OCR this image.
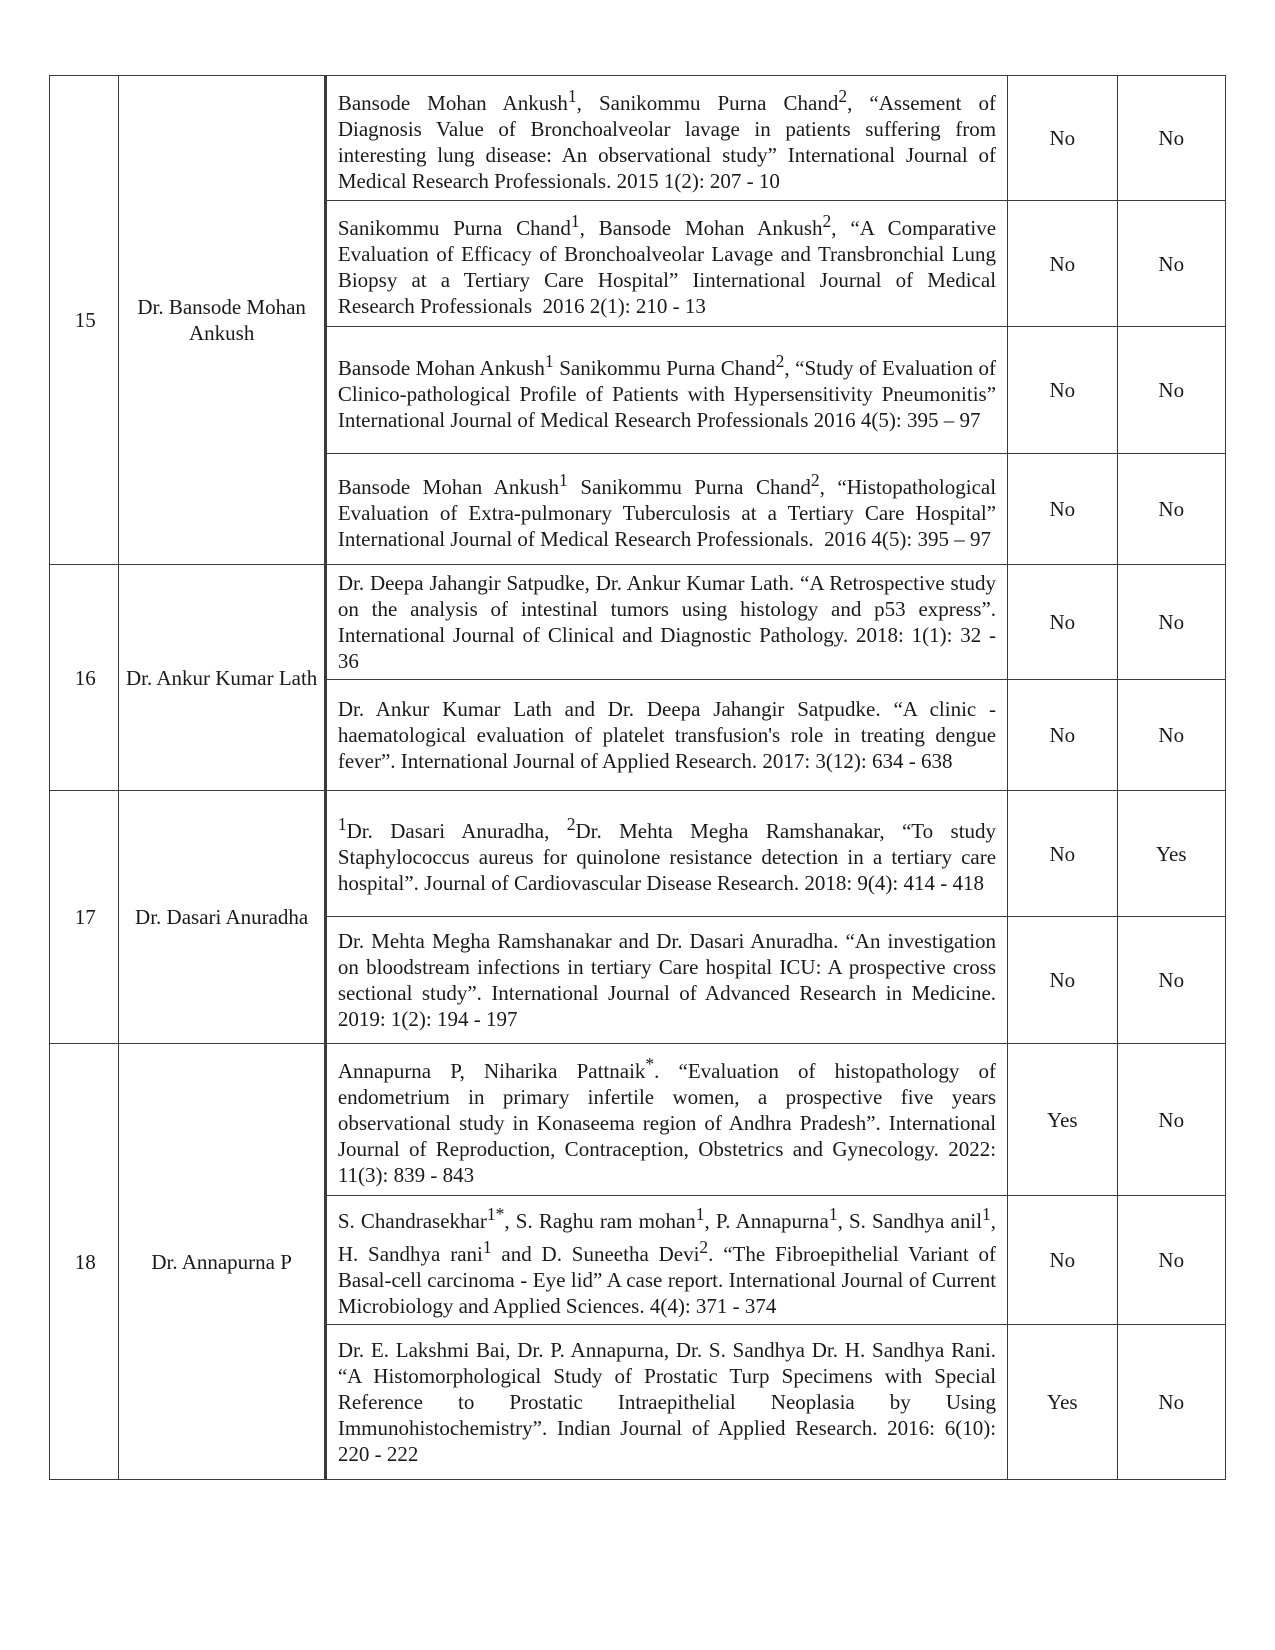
15	Dr. Bansode Mohan Ankush	Bansode Mohan Ankush$^1$, Sanikommu Purna Chand$^2$, “Assement of Diagnosis Value of Bronchoalveolar lavage in patients suffering from interesting lung disease: An observational study” International Journal of Medical Research Professionals. 2015 1(2): 207 - 10	No	No

		Sanikommu Purna Chand$^1$, Bansode Mohan Ankush$^2$, “A Comparative Evaluation of Efficacy of Bronchoalveolar Lavage and Transbronchial Lung Biopsy at a Tertiary Care Hospital” Iinternational Journal of Medical Research Professionals  2016 2(1): 210 - 13	No	No

		Bansode Mohan Ankush$^1$ Sanikommu Purna Chand$^2$, “Study of Evaluation of Clinico-pathological Profile of Patients with Hypersensitivity Pneumonitis” International Journal of Medical Research Professionals 2016 4(5): 395 – 97	No	No

		Bansode Mohan Ankush$^1$ Sanikommu Purna Chand$^2$, “Histopathological Evaluation of Extra-pulmonary Tuberculosis at a Tertiary Care Hospital” International Journal of Medical Research Professionals.  2016 4(5): 395 – 97	No	No
16	Dr. Ankur Kumar Lath	Dr. Deepa Jahangir Satpudke, Dr. Ankur Kumar Lath. “A Retrospective study on the analysis of intestinal tumors using histology and p53 express”. International Journal of Clinical and Diagnostic Pathology. 2018: 1(1): 32 - 36	No	No

		Dr. Ankur Kumar Lath and Dr. Deepa Jahangir Satpudke. “A clinic - haematological evaluation of platelet transfusion's role in treating dengue fever”. International Journal of Applied Research. 2017: 3(12): 634 - 638	No	No
17	Dr. Dasari Anuradha	$^1$Dr. Dasari Anuradha, $^2$Dr. Mehta Megha Ramshanakar, “To study Staphylococcus aureus for quinolone resistance detection in a tertiary care hospital”. Journal of Cardiovascular Disease Research. 2018: 9(4): 414 - 418	No	Yes

		Dr. Mehta Megha Ramshanakar and Dr. Dasari Anuradha. “An investigation on bloodstream infections in tertiary Care hospital ICU: A prospective cross sectional study”. International Journal of Advanced Research in Medicine. 2019: 1(2): 194 - 197	No	No
18	Dr. Annapurna P	Annapurna P, Niharika Pattnaik*. “Evaluation of histopathology of endometrium in primary infertile women, a prospective five years observational study in Konaseema region of Andhra Pradesh”. International Journal of Reproduction, Contraception, Obstetrics and Gynecology. 2022: 11(3): 839 - 843	Yes	No

		S. Chandrasekhar$^{1*}$, S. Raghu ram mohan$^1$, P. Annapurna$^1$, S. Sandhya anil$^1$, H. Sandhya rani$^1$ and D. Suneetha Devi$^2$. “The Fibroepithelial Variant of Basal-cell carcinoma - Eye lid” A case report. International Journal of Current Microbiology and Applied Sciences. 4(4): 371 - 374	No	No

		Dr. E. Lakshmi Bai, Dr. P. Annapurna, Dr. S. Sandhya Dr. H. Sandhya Rani. “A Histomorphological Study of Prostatic Turp Specimens with Special Reference to Prostatic Intraepithelial Neoplasia by Using Immunohistochemistry”. Indian Journal of Applied Research. 2016: 6(10): 220 - 222	Yes	No
